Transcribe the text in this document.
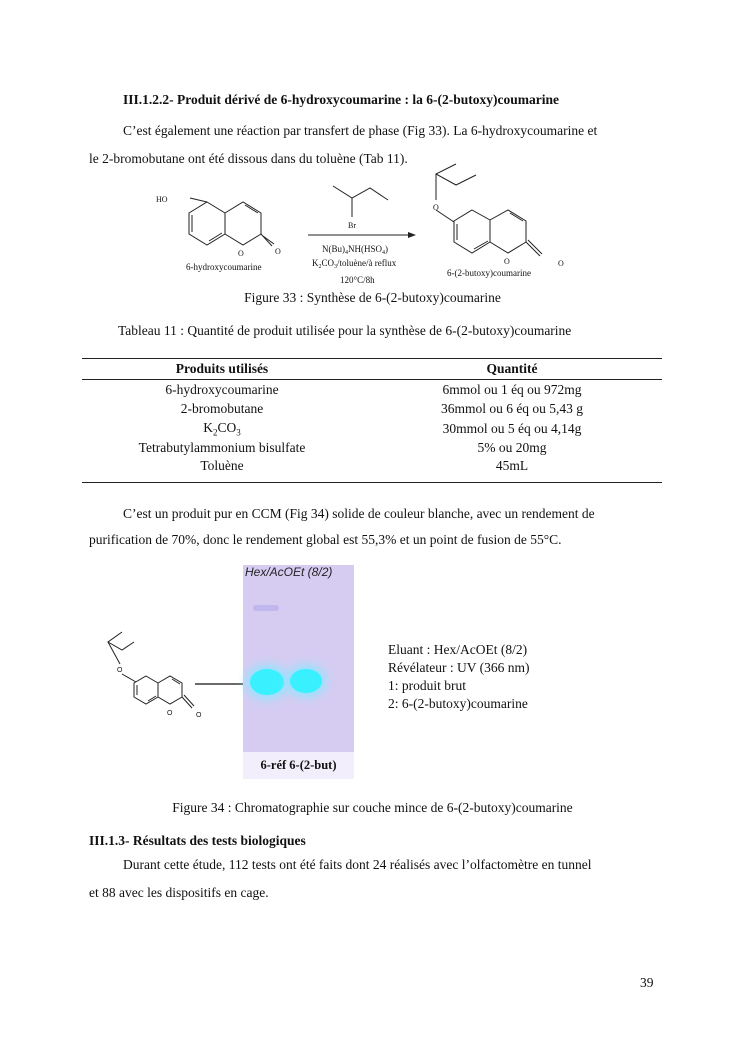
III.1.2.2- Produit dérivé de 6-hydroxycoumarine : la 6-(2-butoxy)coumarine
C’est également une réaction par transfert de phase (Fig 33). La 6-hydroxycoumarine et
le 2-bromobutane ont été dissous dans du toluène (Tab 11).
HO
O	O
6-hydroxycoumarine
Br
$N(Bu)_4NH(HSO_4)$
$K_2CO_3/toluène/à$ reflux
120°C/8h
O
O	O
6-(2-butoxy)coumarine
Figure 33 : Synthèse de 6-(2-butoxy)coumarine
Tableau 11 : Quantité de produit utilisée pour la synthèse de 6-(2-butoxy)coumarine
Produits utilisés	Quantité
6-hydroxycoumarine	6mmol ou 1 éq ou 972mg
2-bromobutane	36mmol ou 6 éq ou 5,43 g
$K_2CO_3$	30mmol ou 5 éq ou 4,14g
Tetrabutylammonium bisulfate	5% ou 20mg
Toluène	45mL
C’est un produit pur en CCM (Fig 34) solide de couleur blanche, avec un rendement de
purification de 70%, donc le rendement global est 55,3% et un point de fusion de 55°C.
O
O	O
Hex/AcOEt (8/2)
6-réf 6-(2-but)
Eluant : Hex/AcOEt (8/2)
Révélateur : UV (366 nm)
1: produit brut
2: 6-(2-butoxy)coumarine
Figure 34 : Chromatographie sur couche mince de 6-(2-butoxy)coumarine
III.1.3- Résultats des tests biologiques
Durant cette étude, 112 tests ont été faits dont 24 réalisés avec l’olfactomètre en tunnel
et 88 avec les dispositifs en cage.
39
